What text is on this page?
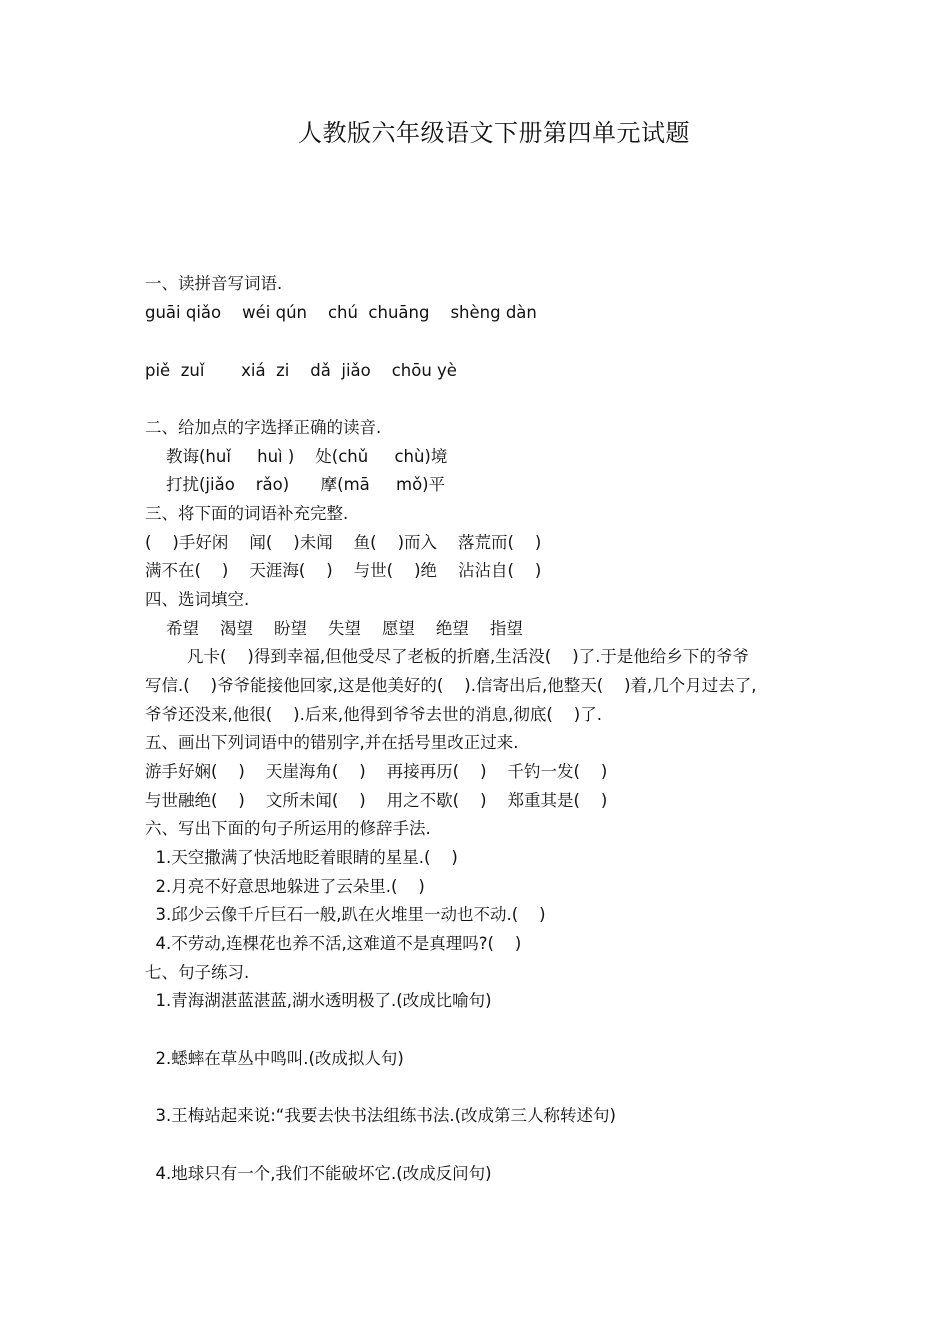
人教版六年级语文下册第四单元试题
一、读拼音写词语.
guāi qiǎo    wéi qún    chú  chuāng    shèng dàn
piě  zuǐ       xiá  zi    dǎ  jiǎo    chōu yè
二、给加点的字选择正确的读音.
教诲(huǐ     huì )    处(chǔ     chù)境
打扰(jiǎo    rǎo)      摩(mā     mǒ)平
三、将下面的词语补充完整.
(    )手好闲    闻(    )未闻    鱼(    )而入    落荒而(    )
满不在(    )    天涯海(    )    与世(    )绝    沾沾自(    )
四、选词填空.
希望    渴望    盼望    失望    愿望    绝望    指望
凡卡(    )得到幸福,但他受尽了老板的折磨,生活没(    )了.于是他给乡下的爷爷
写信.(    )爷爷能接他回家,这是他美好的(    ).信寄出后,他整天(    )着,几个月过去了,
爷爷还没来,他很(    ).后来,他得到爷爷去世的消息,彻底(    )了.
五、画出下列词语中的错别字,并在括号里改正过来.
游手好娴(    )    天崖海角(    )    再接再历(    )    千钓一发(    )
与世融绝(    )    文所未闻(    )    用之不歇(    )    郑重其是(    )
六、写出下面的句子所运用的修辞手法.
1.天空撒满了快活地眨着眼睛的星星.(    )
2.月亮不好意思地躲进了云朵里.(    )
3.邱少云像千斤巨石一般,趴在火堆里一动也不动.(    )
4.不劳动,连棵花也养不活,这难道不是真理吗?(    )
七、句子练习.
1.青海湖湛蓝湛蓝,湖水透明极了.(改成比喻句)
2.蟋蟀在草丛中鸣叫.(改成拟人句)
3.王梅站起来说:“我要去快书法组练书法.(改成第三人称转述句)
4.地球只有一个,我们不能破坏它.(改成反问句)
